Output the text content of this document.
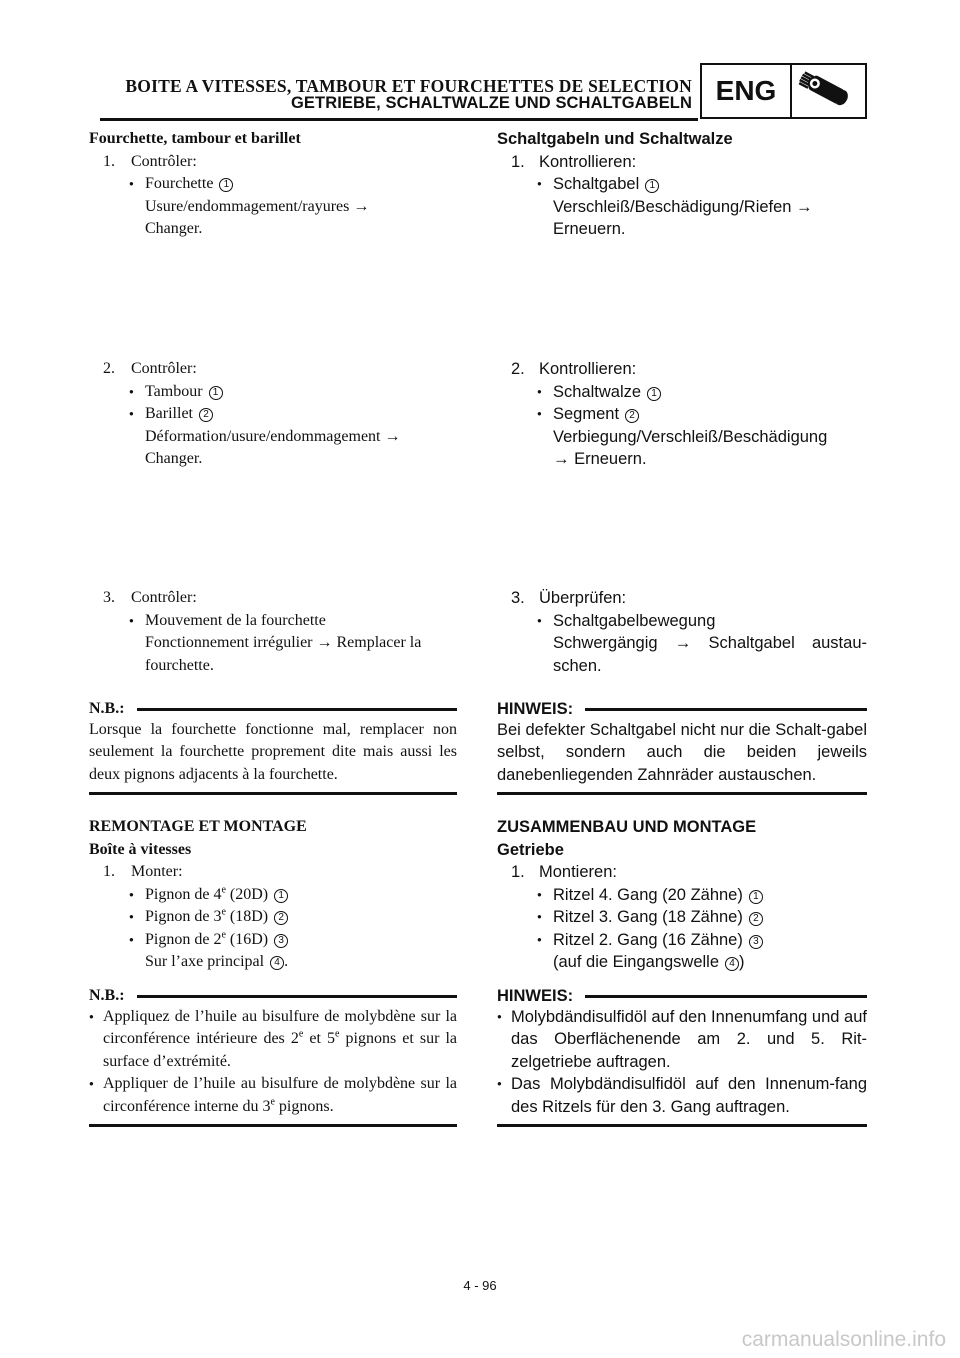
BOITE A VITESSES, TAMBOUR ET FOURCHETTES DE SELECTION
GETRIEBE, SCHALTWALZE UND SCHALTGABELN ENG
Fourchette, tambour et barillet
1. Contrôler:
● Fourchette 1
Usure/endommagement/rayures →
Changer.
2. Contrôler:
● Tambour 1
● Barillet 2
Déformation/usure/endommagement →
Changer.
3. Contrôler:
● Mouvement de la fourchette
Fonctionnement irrégulier → Remplacer la
fourchette.
N.B.:
Lorsque la fourchette fonctionne mal, remplacer non seulement la fourchette proprement dite mais aussi les deux pignons adjacents à la fourchette.
REMONTAGE ET MONTAGE
Boîte à vitesses
1. Monter:
● Pignon de 4e (20D) 1
● Pignon de 3e (18D) 2
● Pignon de 2e (16D) 3
Sur l’axe principal 4 .
N.B.:
● Appliquez de l’huile au bisulfure de molybdène sur la circonférence intérieure des 2e et 5e pignons et sur la surface d’extrémité.
● Appliquer de l’huile au bisulfure de molybdène sur la circonférence interne du 3e pignons.
Schaltgabeln und Schaltwalze
1. Kontrollieren:
● Schaltgabel 1
Verschleiß/Beschädigung/Riefen →
Erneuern.
2. Kontrollieren:
● Schaltwalze 1
● Segment 2
Verbiegung/Verschleiß/Beschädigung
→ Erneuern.
3. Überprüfen:
● Schaltgabelbewegung
Schwergängig → Schaltgabel austau-
schen.
HINWEIS:
Bei defekter Schaltgabel nicht nur die Schalt-gabel selbst, sondern auch die beiden jeweils danebenliegenden Zahnräder austauschen.
ZUSAMMENBAU UND MONTAGE
Getriebe
1. Montieren:
● Ritzel 4. Gang (20 Zähne) 1
● Ritzel 3. Gang (18 Zähne) 2
● Ritzel 2. Gang (16 Zähne) 3
(auf die Eingangswelle 4 )
HINWEIS:
● Molybdändisulfidöl auf den Innenumfang und auf das Oberflächenende am 2. und 5. Rit-zelgetriebe auftragen.
● Das Molybdändisulfidöl auf den Innenum-fang des Ritzels für den 3. Gang auftragen.
4 - 96
carmanualsonline.info
